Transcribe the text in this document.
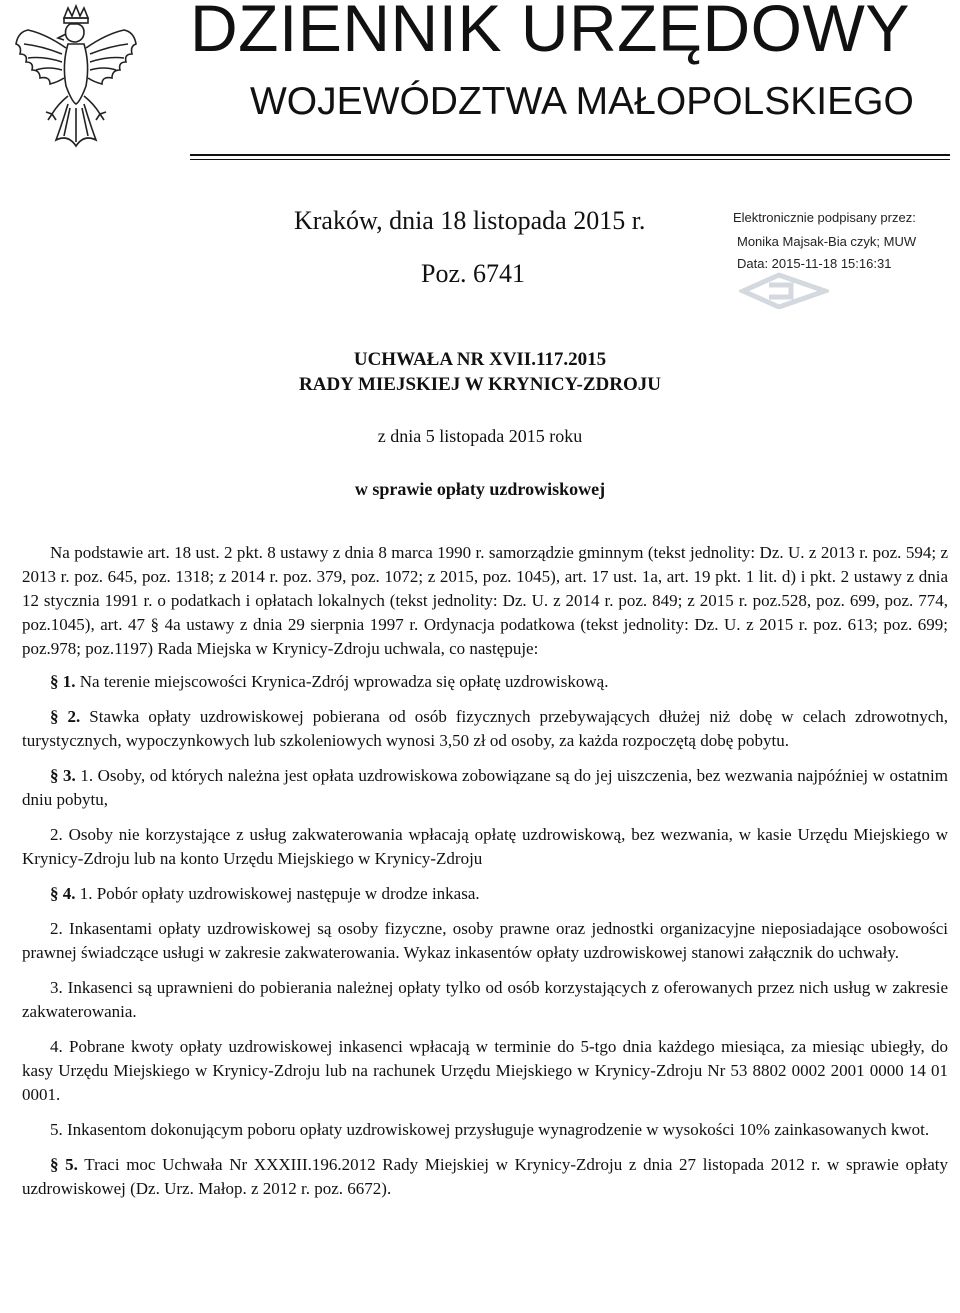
DZIENNIK URZĘDOWY
WOJEWÓDZTWA MAŁOPOLSKIEGO
Kraków, dnia 18 listopada 2015 r.
Poz. 6741
Elektronicznie podpisany przez:
Monika Majsak-Bia czyk; MUW
Data: 2015-11-18 15:16:31
UCHWAŁA NR XVII.117.2015
RADY MIEJSKIEJ W KRYNICY-ZDROJU
z dnia 5 listopada 2015 roku
w sprawie opłaty uzdrowiskowej

Na podstawie art. 18 ust. 2 pkt. 8 ustawy z dnia 8 marca 1990 r. samorządzie gminnym (tekst jednolity: Dz. U. z 2013 r. poz. 594; z 2013 r. poz. 645, poz. 1318; z 2014 r. poz. 379, poz. 1072; z 2015, poz. 1045), art. 17 ust. 1a, art. 19 pkt. 1 lit. d) i pkt. 2 ustawy z dnia 12 stycznia 1991 r. o podatkach i opłatach lokalnych (tekst jednolity: Dz. U. z 2014 r. poz. 849; z 2015 r. poz.528, poz. 699, poz. 774, poz.1045), art. 47 § 4a ustawy z dnia 29 sierpnia 1997 r. Ordynacja podatkowa (tekst jednolity: Dz. U. z 2015 r. poz. 613; poz. 699; poz.978; poz.1197) Rada Miejska w Krynicy-Zdroju uchwala, co następuje:

§ 1. Na terenie miejscowości Krynica-Zdrój wprowadza się opłatę uzdrowiskową.

§ 2. Stawka opłaty uzdrowiskowej pobierana od osób fizycznych przebywających dłużej niż dobę w celach zdrowotnych, turystycznych, wypoczynkowych lub szkoleniowych wynosi 3,50 zł od osoby, za każda rozpoczętą dobę pobytu.

§ 3. 1. Osoby, od których należna jest opłata uzdrowiskowa zobowiązane są do jej uiszczenia, bez wezwania najpóźniej w ostatnim dniu pobytu,

2. Osoby nie korzystające z usług zakwaterowania wpłacają opłatę uzdrowiskową, bez wezwania, w kasie Urzędu Miejskiego w Krynicy-Zdroju lub na konto Urzędu Miejskiego w Krynicy-Zdroju

§ 4. 1. Pobór opłaty uzdrowiskowej następuje w drodze inkasa.

2. Inkasentami opłaty uzdrowiskowej są osoby fizyczne, osoby prawne oraz jednostki organizacyjne nieposiadające osobowości prawnej świadczące usługi w zakresie zakwaterowania. Wykaz inkasentów opłaty uzdrowiskowej stanowi załącznik do uchwały.

3. Inkasenci są uprawnieni do pobierania należnej opłaty tylko od osób korzystających z oferowanych przez nich usług w zakresie zakwaterowania.

4. Pobrane kwoty opłaty uzdrowiskowej inkasenci wpłacają w terminie do 5-tgo dnia każdego miesiąca, za miesiąc ubiegły, do kasy Urzędu Miejskiego w Krynicy-Zdroju lub na rachunek Urzędu Miejskiego w Krynicy-Zdroju Nr 53 8802 0002 2001 0000 14 01 0001.

5. Inkasentom dokonującym poboru opłaty uzdrowiskowej przysługuje wynagrodzenie w wysokości 10% zainkasowanych kwot.

§ 5. Traci moc Uchwała Nr XXXIII.196.2012 Rady Miejskiej w Krynicy-Zdroju z dnia 27 listopada 2012 r. w sprawie opłaty uzdrowiskowej (Dz. Urz. Małop. z 2012 r. poz. 6672).
